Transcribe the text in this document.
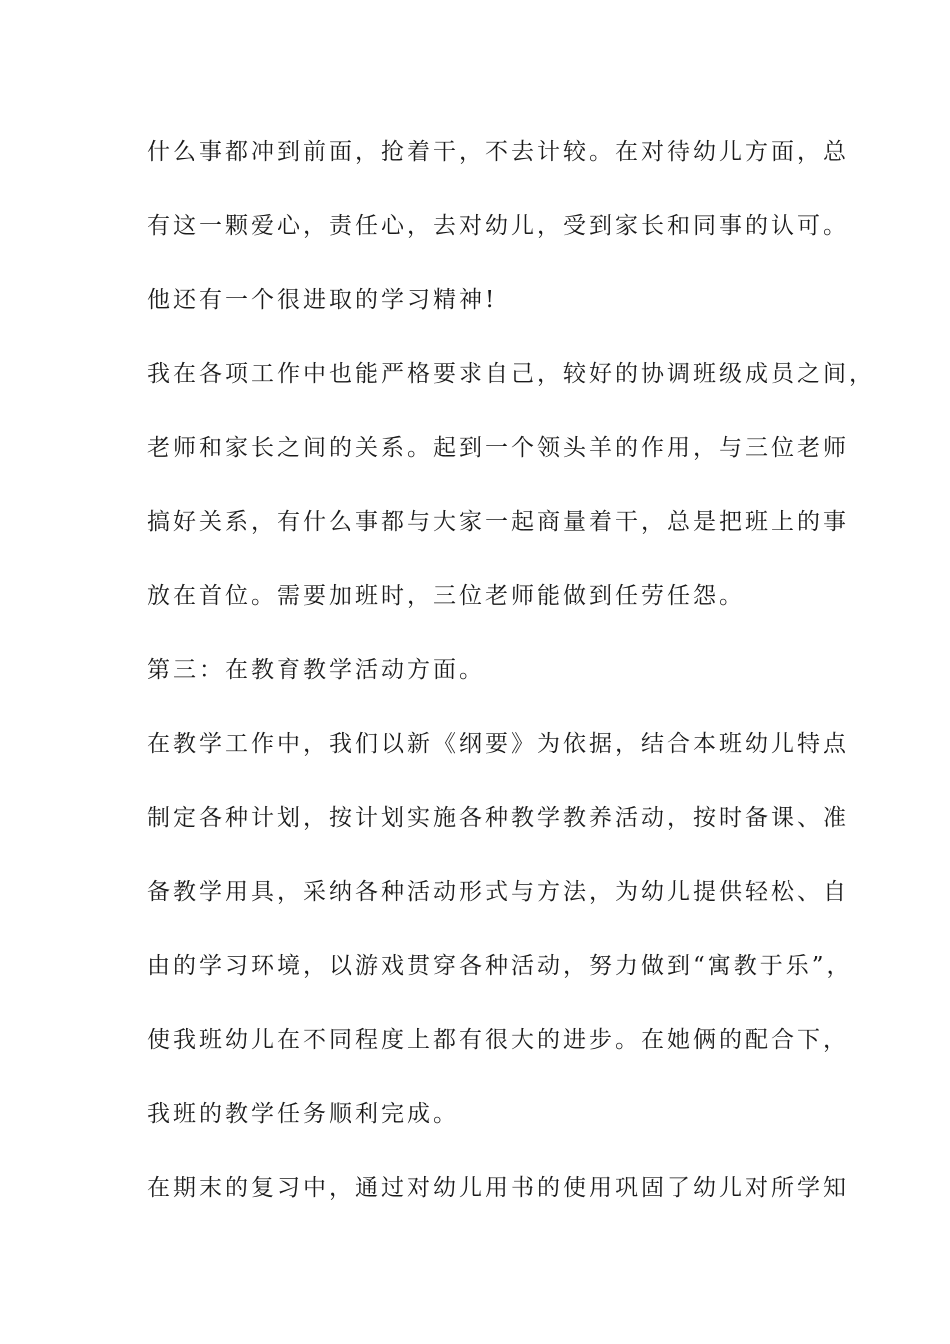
什么事都冲到前面，抢着干，不去计较。在对待幼儿方面，总
有这一颗爱心，责任心，去对幼儿，受到家长和同事的认可。
他还有一个很进取的学习精神!
我在各项工作中也能严格要求自己，较好的协调班级成员之间，
老师和家长之间的关系。起到一个领头羊的作用，与三位老师
搞好关系，有什么事都与大家一起商量着干，总是把班上的事
放在首位。需要加班时，三位老师能做到任劳任怨。
第三：在教育教学活动方面。
在教学工作中，我们以新《纲要》为依据，结合本班幼儿特点
制定各种计划，按计划实施各种教学教养活动，按时备课、准
备教学用具，采纳各种活动形式与方法，为幼儿提供轻松、自
由的学习环境，以游戏贯穿各种活动，努力做到“寓教于乐”，
使我班幼儿在不同程度上都有很大的进步。在她俩的配合下，
我班的教学任务顺利完成。
在期末的复习中，通过对幼儿用书的使用巩固了幼儿对所学知
